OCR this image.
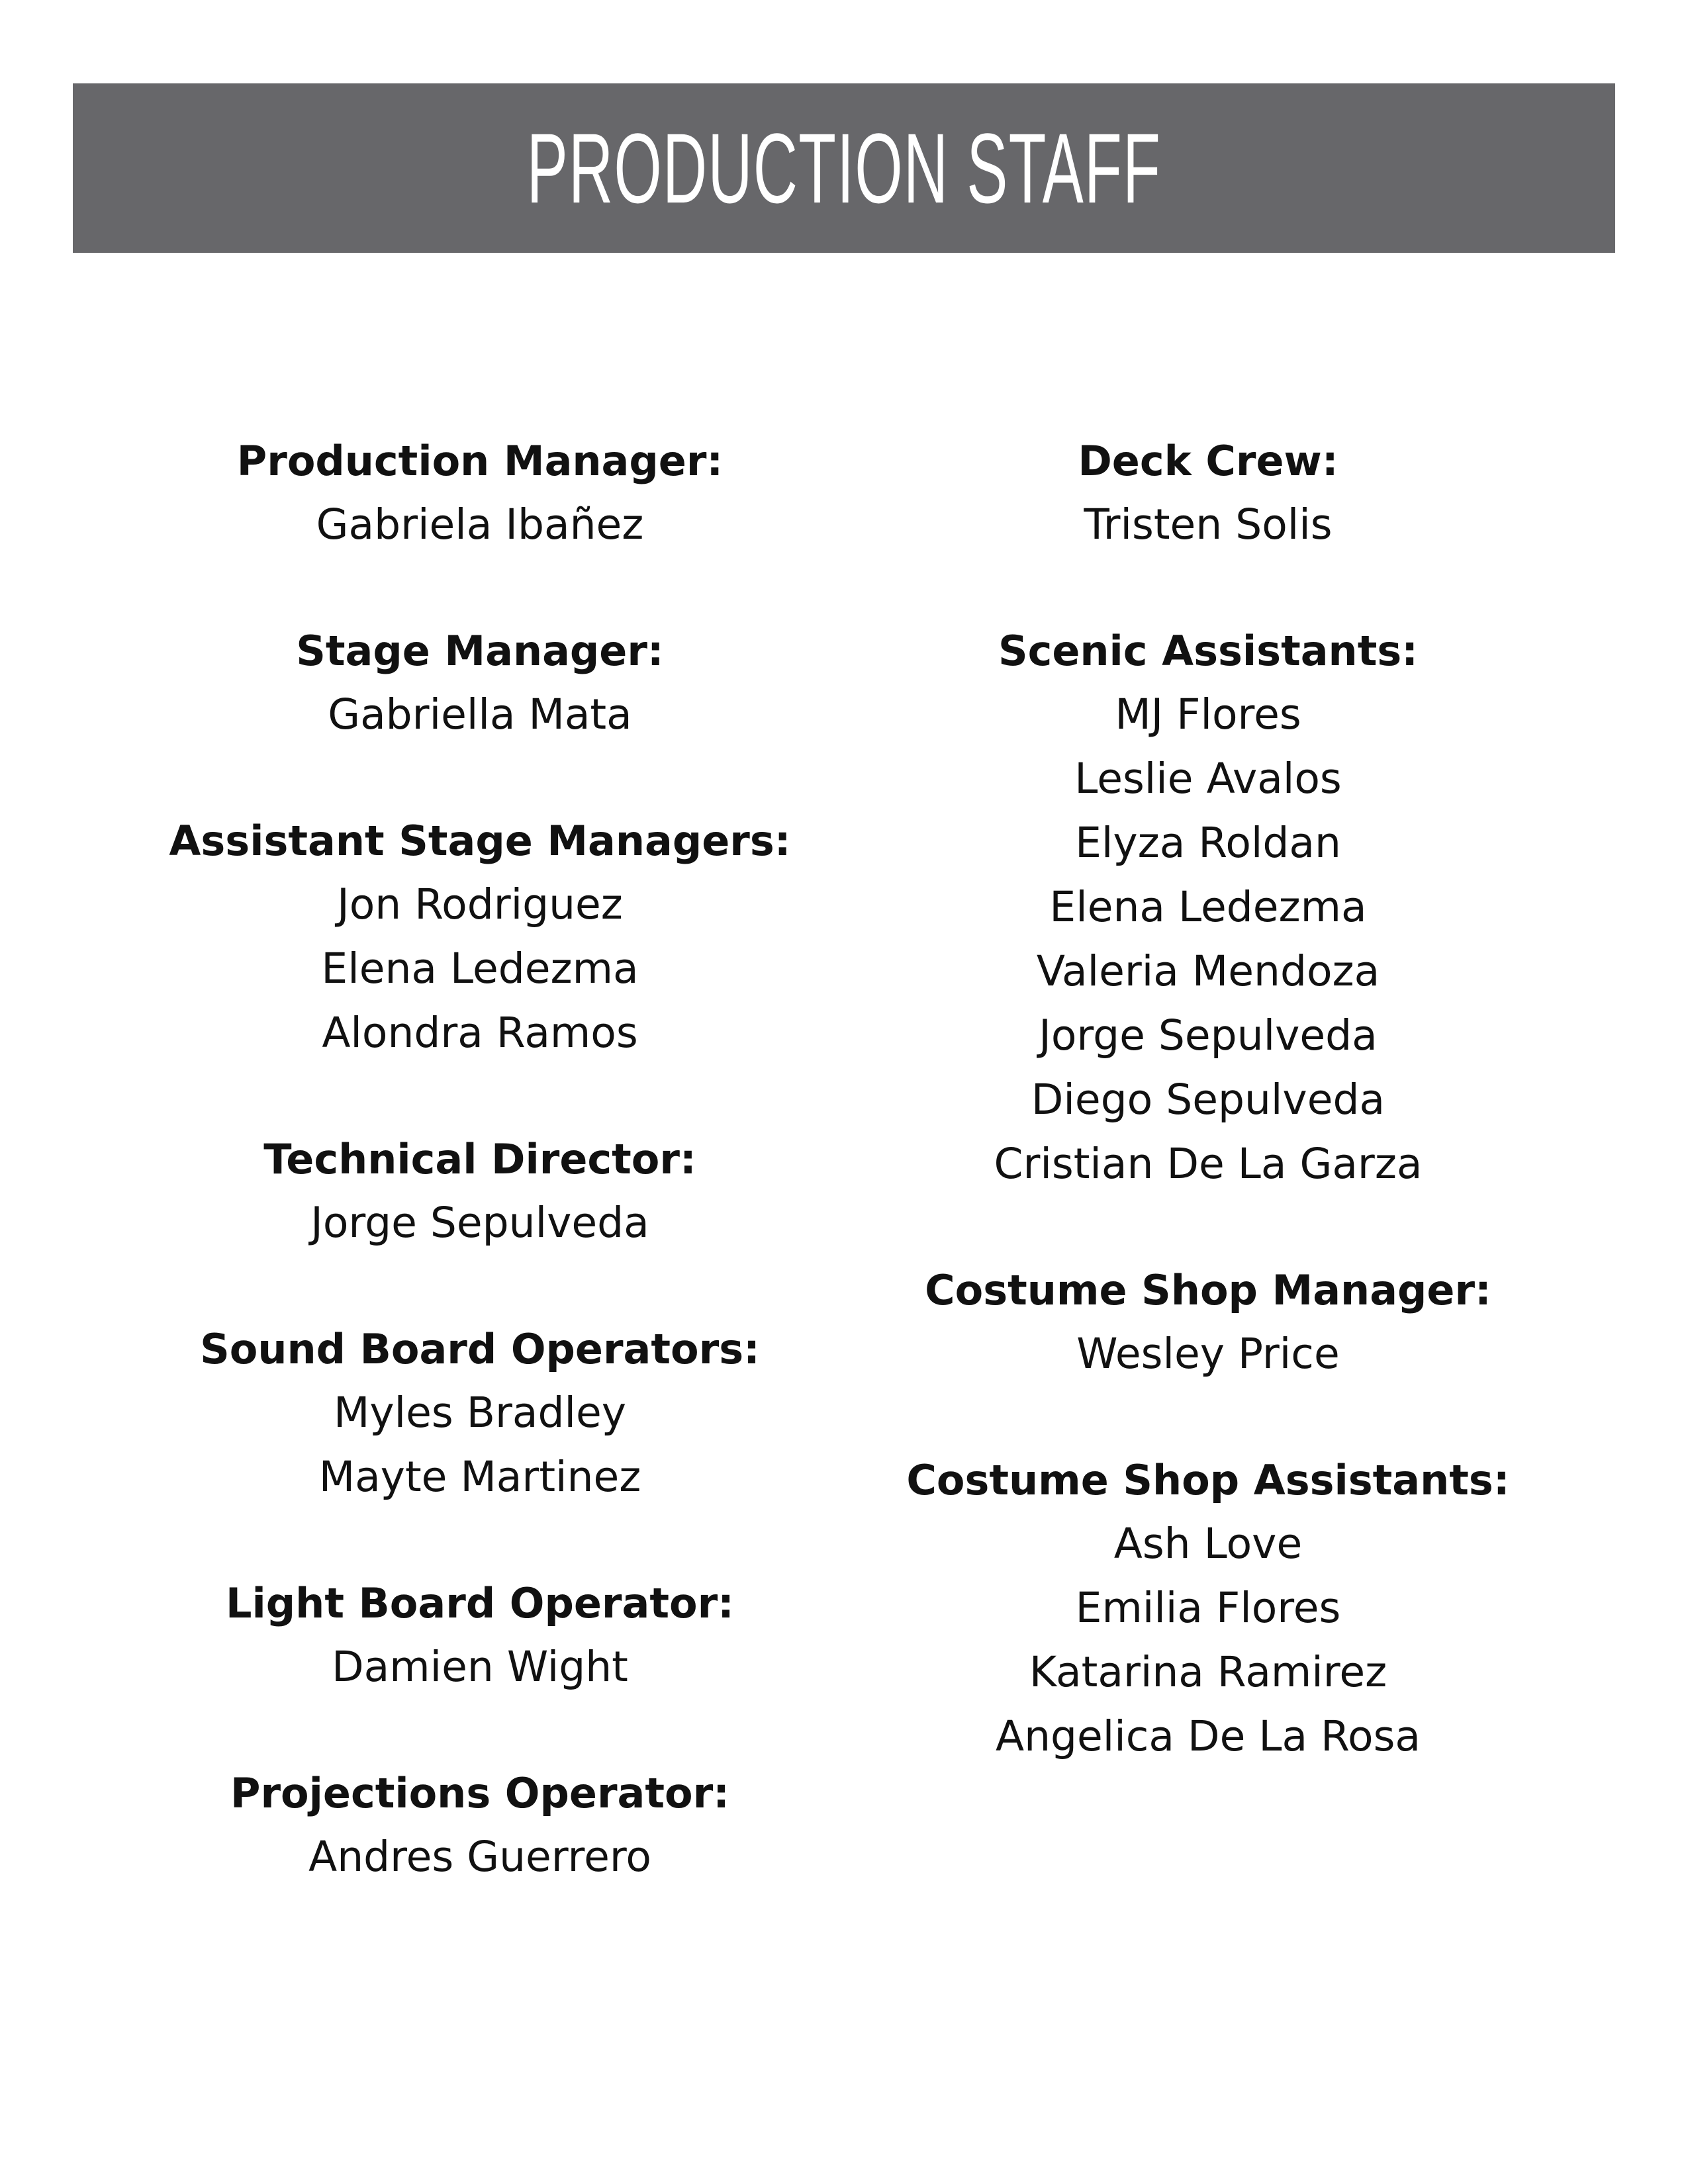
PRODUCTION STAFF
Production Manager:
Gabriela Ibañez
Stage Manager:
Gabriella Mata
Assistant Stage Managers:
Jon Rodriguez
Elena Ledezma
Alondra Ramos
Technical Director:
Jorge Sepulveda
Sound Board Operators:
Myles Bradley
Mayte Martinez
Light Board Operator:
Damien Wight
Projections Operator:
Andres Guerrero
Deck Crew:
Tristen Solis
Scenic Assistants:
MJ Flores
Leslie Avalos
Elyza Roldan
Elena Ledezma
Valeria Mendoza
Jorge Sepulveda
Diego Sepulveda
Cristian De La Garza
Costume Shop Manager:
Wesley Price
Costume Shop Assistants:
Ash Love
Emilia Flores
Katarina Ramirez
Angelica De La Rosa
